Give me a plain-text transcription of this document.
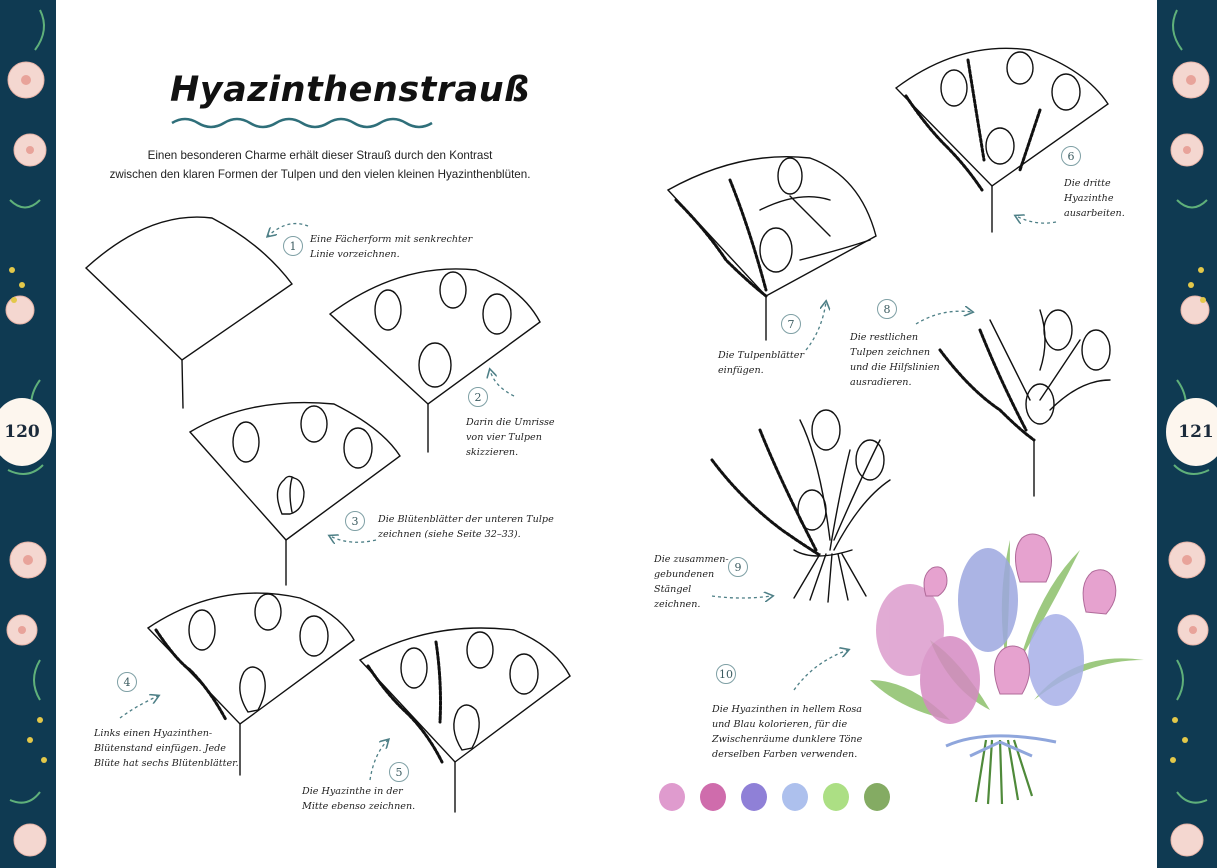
120	121
Hyazinthenstrauß
Einen besonderen Charme erhält dieser Strauß durch den Kontrast
zwischen den klaren Formen der Tulpen und den vielen kleinen Hyazinthenblüten.
1
2
3
4
5
6
7
8
9
10
Eine Fächerform mit senkrechter
Linie vorzeichnen.
Darin die Umrisse
von vier Tulpen
skizzieren.
Die Blütenblätter der unteren Tulpe
zeichnen (siehe Seite 32–33).
Links einen Hyazinthen-
Blütenstand einfügen. Jede
Blüte hat sechs Blütenblätter.
Die Hyazinthe in der
Mitte ebenso zeichnen.
Die dritte
Hyazinthe
ausarbeiten.
Die Tulpenblätter
einfügen.
Die restlichen
Tulpen zeichnen
und die Hilfslinien
ausradieren.
Die zusammen-
gebundenen
Stängel
zeichnen.
Die Hyazinthen in hellem Rosa
und Blau kolorieren, für die
Zwischenräume dunklere Töne
derselben Farben verwenden.
